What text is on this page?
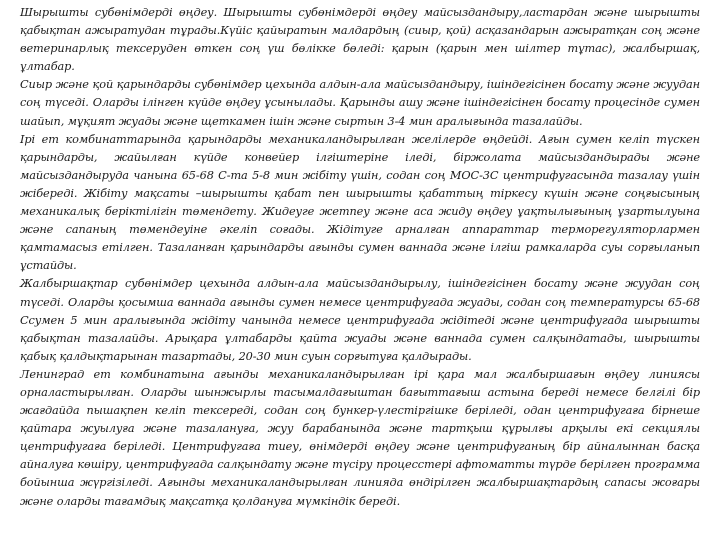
Шырышты субөнімдерді өңдеу. Шырышты субөнімдерді өңдеу майсыздандыру,ластардан және шырышты қабықтан ажыратудан тұрады.Күйіс қайыратын малдардың (сиыр, қой) асқазандарын ажыратқан соң және ветеринарлық тексеруден өткен соң үш бөлікке бөледі: қарын (қарын мен шілтер тұтас), жалбыршақ, ұлтабар.

Сиыр және қой қарындарды субөнімдер цехында алдын-ала майсыздандыру, ішіндегісінен босату және жуудан соң түседі. Оларды ілінген күйде өңдеу ұсынылады. Қарынды ашу және ішіндегісінен босату процесінде сумен шайып, мұқият жуады және щеткамен ішін және сыртын 3-4 мин аралығында тазалайды.

Ірі ет комбинаттарында қарындарды механикаландырылған желілерде өңдейді. Ағын сумен келіп түскен қарындарды, жайылған күйде конвейер ілгіштеріне іледі, біржолата майсыздандырады және майсыздандыруда чанына 65-68 С-та 5-8 мин жібіту үшін, содан соң МОС-3С центрифугасында тазалау үшін жібереді. Жібіту мақсаты –шырышты қабат пен шырышты қабаттың тіркесу күшін және соңғысының механикалық беріктілігін төмендету. Жидеуге жетпеу және аса жиду өңдеу ұақтылығының ұзартылуына және сапаның төмендеуіне әкеліп соғады. Жідітуге арналған аппараттар терморегуляторлармен қамтамасыз етілген. Тазаланған қарындарды ағынды сумен ваннада және ілгіш рамкаларда суы сорғыланып ұстайды.

Жалбыршақтар субөнімдер цехында алдын-ала майсыздандырылу, ішіндегісінен босату және жуудан соң түседі. Оларды қосымша ваннада ағынды сумен немесе центрифугада жуады, содан соң температурсы 65-68 Ссумен 5 мин аралығында жідіту чанында немесе центрифугада жідітеді және центрифугада шырышты қабықтан тазалайды. Арықара ұлтабарды қайта жуады және ваннада сумен салқындатады, шырышты қабық қалдықтарынан тазартады, 20-30 мин суын сорғытуға қалдырады.

Ленинград ет комбинатына ағынды механикаландырылған ірі қара мал жалбыршағын өңдеу линиясы орналастырылған. Оларды шынжырлы тасымалдағыштан бағыттағыш астына береді немесе белгілі бір жағдайда пышақпен келіп тексереді, содан соң бункер-үлестіргішке беріледі, одан центрифугаға бірнеше қайтара жуылуға және тазалануға, жуу барабанында және тартқыш құрылғы арқылы екі секциялы центрифугаға беріледі. Центрифугаға тиеу, өнімдерді өңдеу және центрифуганың бір айналыннан басқа айналуға көшіру, центрифугада салқындату және түсіру процесстері афтоматты түрде берілген программа бойынша жүргізіледі. Ағынды механикаландырылған линияда өндірілген жалбыршақтардың сапасы жоғары және оларды тағамдық мақсатқа қолдануға мүмкіндік береді.
